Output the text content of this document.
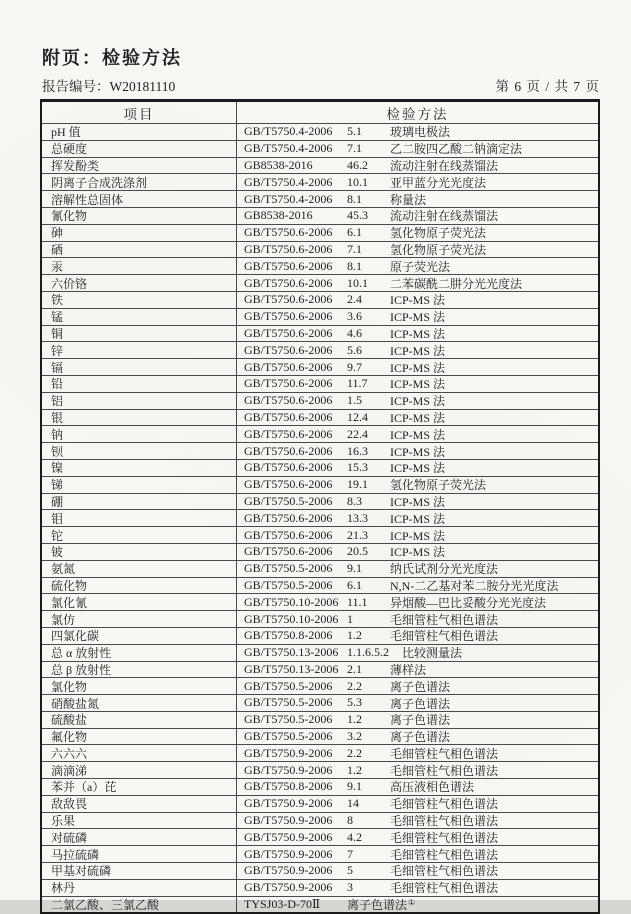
附页：检验方法
报告编号：W20181110	第 6 页 / 共 7 页
项目	检验方法
pH 值	GB/T5750.4-2006	5.1	玻璃电极法
总硬度	GB/T5750.4-2006	7.1	乙二胺四乙酸二钠滴定法
挥发酚类	GB8538-2016	46.2	流动注射在线蒸馏法
阴离子合成洗涤剂	GB/T5750.4-2006	10.1	亚甲蓝分光光度法
溶解性总固体	GB/T5750.4-2006	8.1	称量法
氰化物	GB8538-2016	45.3	流动注射在线蒸馏法
砷	GB/T5750.6-2006	6.1	氢化物原子荧光法
硒	GB/T5750.6-2006	7.1	氢化物原子荧光法
汞	GB/T5750.6-2006	8.1	原子荧光法
六价铬	GB/T5750.6-2006	10.1	二苯碳酰二肼分光光度法
铁	GB/T5750.6-2006	2.4	ICP-MS 法
锰	GB/T5750.6-2006	3.6	ICP-MS 法
铜	GB/T5750.6-2006	4.6	ICP-MS 法
锌	GB/T5750.6-2006	5.6	ICP-MS 法
镉	GB/T5750.6-2006	9.7	ICP-MS 法
铅	GB/T5750.6-2006	11.7	ICP-MS 法
铝	GB/T5750.6-2006	1.5	ICP-MS 法
银	GB/T5750.6-2006	12.4	ICP-MS 法
钠	GB/T5750.6-2006	22.4	ICP-MS 法
钡	GB/T5750.6-2006	16.3	ICP-MS 法
镍	GB/T5750.6-2006	15.3	ICP-MS 法
锑	GB/T5750.6-2006	19.1	氢化物原子荧光法
硼	GB/T5750.5-2006	8.3	ICP-MS 法
钼	GB/T5750.6-2006	13.3	ICP-MS 法
铊	GB/T5750.6-2006	21.3	ICP-MS 法
铍	GB/T5750.6-2006	20.5	ICP-MS 法
氨氮	GB/T5750.5-2006	9.1	纳氏试剂分光光度法
硫化物	GB/T5750.5-2006	6.1	N,N-二乙基对苯二胺分光光度法
氯化氰	GB/T5750.10-2006 11.1	异烟酸—巴比妥酸分光光度法
氯仿	GB/T5750.10-2006 1	毛细管柱气相色谱法
四氯化碳	GB/T5750.8-2006	1.2	毛细管柱气相色谱法
总 α 放射性	GB/T5750.13-2006 1.1.6.5.2 比较测量法
总 β 放射性	GB/T5750.13-2006 2.1	薄样法
氯化物	GB/T5750.5-2006	2.2	离子色谱法
硝酸盐氮	GB/T5750.5-2006	5.3	离子色谱法
硫酸盐	GB/T5750.5-2006	1.2	离子色谱法
氟化物	GB/T5750.5-2006	3.2	离子色谱法
六六六	GB/T5750.9-2006	2.2	毛细管柱气相色谱法
滴滴涕	GB/T5750.9-2006	1.2	毛细管柱气相色谱法
苯并（a）芘	GB/T5750.8-2006	9.1	高压液相色谱法
敌敌畏	GB/T5750.9-2006	14	毛细管柱气相色谱法
乐果	GB/T5750.9-2006	8	毛细管柱气相色谱法
对硫磷	GB/T5750.9-2006	4.2	毛细管柱气相色谱法
马拉硫磷	GB/T5750.9-2006	7	毛细管柱气相色谱法
甲基对硫磷	GB/T5750.9-2006	5	毛细管柱气相色谱法
林丹	GB/T5750.9-2006	3	毛细管柱气相色谱法
二氯乙酸、三氯乙酸	TYSJ03-D-70Ⅱ	离子色谱法 ①
